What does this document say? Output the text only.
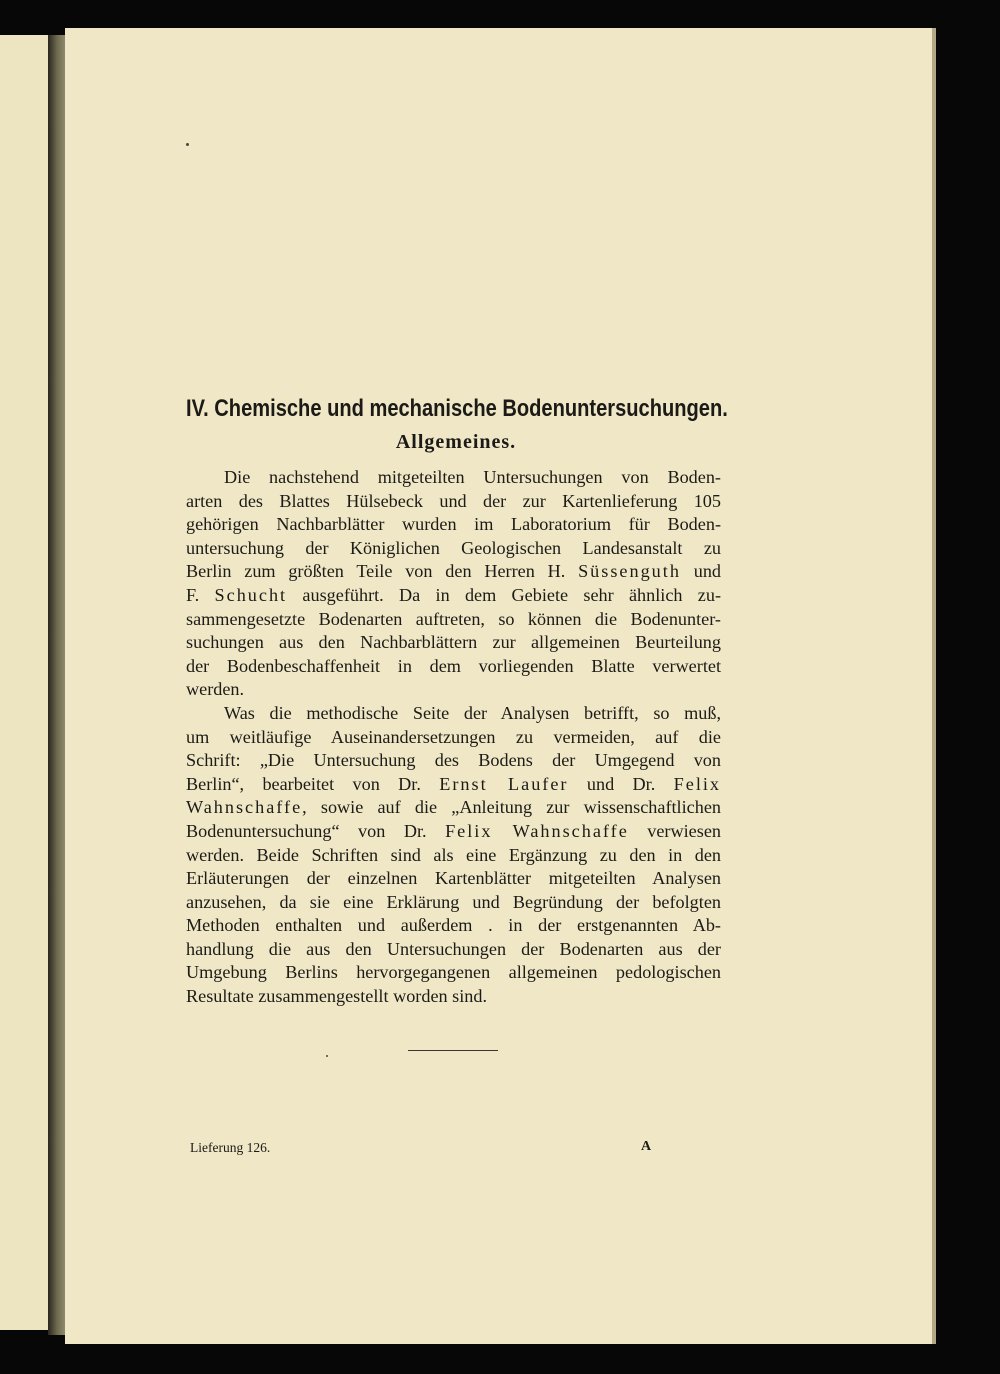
IV. Chemische und mechanische Bodenuntersuchungen.
Allgemeines.
Die nachstehend mitgeteilten Untersuchungen von Boden-
arten des Blattes Hülsebeck und der zur Kartenlieferung 105
gehörigen Nachbarblätter wurden im Laboratorium für Boden-
untersuchung der Königlichen Geologischen Landesanstalt zu
Berlin zum größten Teile von den Herren H. Süssenguth und
F. Schucht ausgeführt. Da in dem Gebiete sehr ähnlich zu-
sammengesetzte Bodenarten auftreten, so können die Bodenunter-
suchungen aus den Nachbarblättern zur allgemeinen Beurteilung
der Bodenbeschaffenheit in dem vorliegenden Blatte verwertet
werden.
Was die methodische Seite der Analysen betrifft, so muß,
um weitläufige Auseinandersetzungen zu vermeiden, auf die
Schrift: „Die Untersuchung des Bodens der Umgegend von
Berlin“, bearbeitet von Dr. Ernst Laufer und Dr. Felix
Wahnschaffe, sowie auf die „Anleitung zur wissenschaftlichen
Bodenuntersuchung“ von Dr. Felix Wahnschaffe verwiesen
werden. Beide Schriften sind als eine Ergänzung zu den in den
Erläuterungen der einzelnen Kartenblätter mitgeteilten Analysen
anzusehen, da sie eine Erklärung und Begründung der befolgten
Methoden enthalten und außerdem . in der erstgenannten Ab-
handlung die aus den Untersuchungen der Bodenarten aus der
Umgebung Berlins hervorgegangenen allgemeinen pedologischen
Resultate zusammengestellt worden sind.
Lieferung 126.	A
